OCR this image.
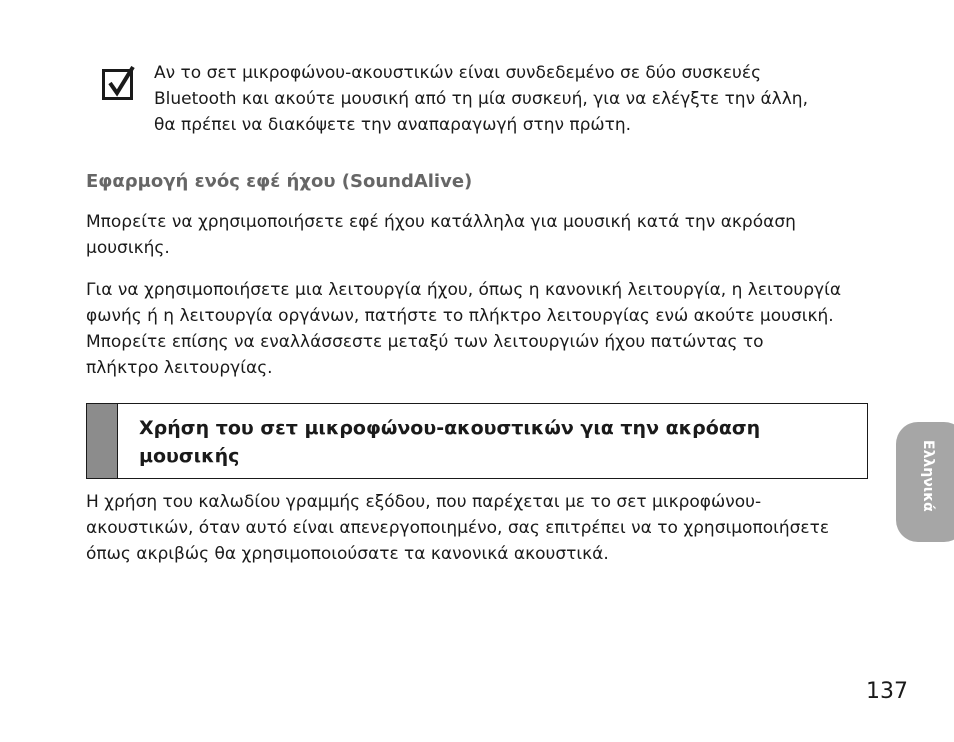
Αν το σετ μικροφώνου-ακουστικών είναι συνδεδεμένο σε δύο συσκευές
Bluetooth και ακούτε μουσική από τη μία συσκευή, για να ελέγξτε την άλλη,
θα πρέπει να διακόψετε την αναπαραγωγή στην πρώτη.
Εφαρμογή ενός εφέ ήχου (SoundAlive)
Μπορείτε να χρησιμοποιήσετε εφέ ήχου κατάλληλα για μουσική κατά την ακρόαση
μουσικής.
Για να χρησιμοποιήσετε μια λειτουργία ήχου, όπως η κανονική λειτουργία, η λειτουργία
φωνής ή η λειτουργία οργάνων, πατήστε το πλήκτρο λειτουργίας ενώ ακούτε μουσική.
Μπορείτε επίσης να εναλλάσσεστε μεταξύ των λειτουργιών ήχου πατώντας το
πλήκτρο λειτουργίας.
Χρήση του σετ μικροφώνου-ακουστικών για την ακρόαση
μουσικής
Η χρήση του καλωδίου γραμμής εξόδου, που παρέχεται με το σετ μικροφώνου-
ακουστικών, όταν αυτό είναι απενεργοποιημένο, σας επιτρέπει να το χρησιμοποιήσετε
όπως ακριβώς θα χρησιμοποιούσατε τα κανονικά ακουστικά.
Ελληνικά
137
